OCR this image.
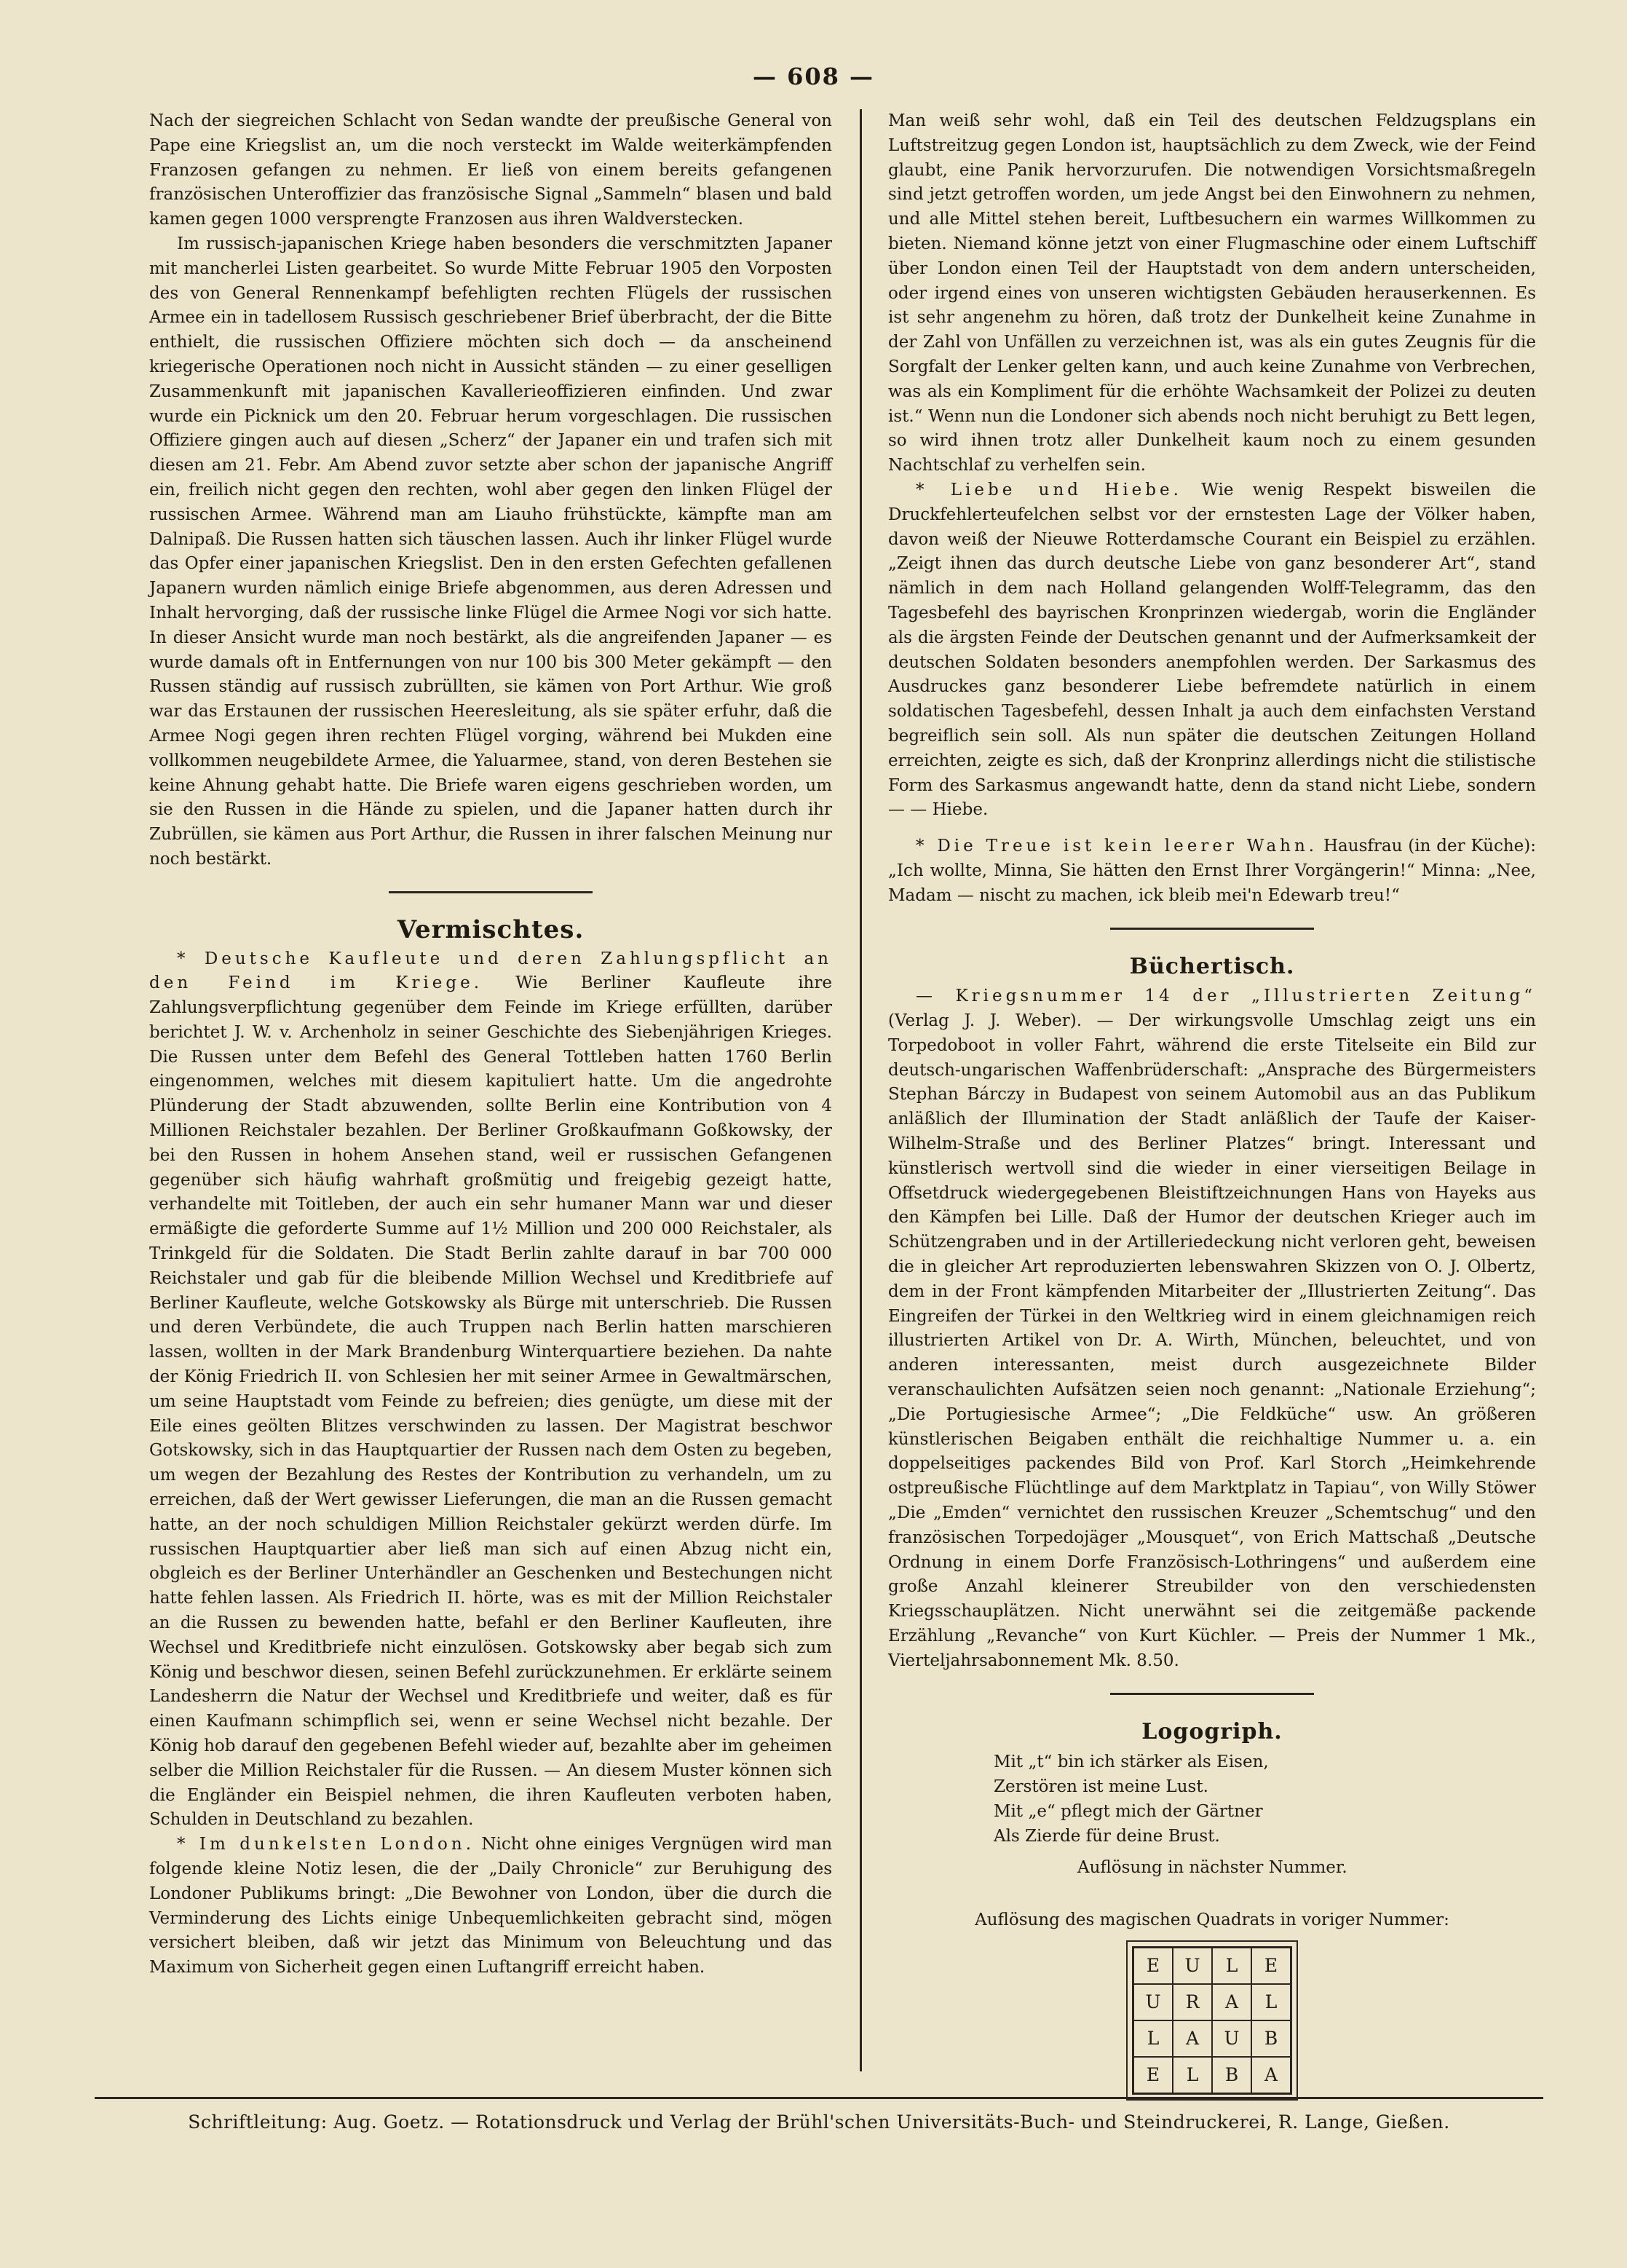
— 608 —

Nach der siegreichen Schlacht von Sedan wandte der preußische General von Pape eine Kriegslist an, um die noch versteckt im Walde weiterkämpfenden Franzosen gefangen zu nehmen. Er ließ von einem bereits gefangenen französischen Unteroffizier das französische Signal „Sammeln“ blasen und bald kamen gegen 1000 versprengte Franzosen aus ihren Waldverstecken.

Im russisch-japanischen Kriege haben besonders die verschmitzten Japaner mit mancherlei Listen gearbeitet. So wurde Mitte Februar 1905 den Vorposten des von General Rennenkampf befehligten rechten Flügels der russischen Armee ein in tadellosem Russisch geschriebener Brief überbracht, der die Bitte enthielt, die russischen Offiziere möchten sich doch — da anscheinend kriegerische Operationen noch nicht in Aussicht ständen — zu einer geselligen Zusammenkunft mit japanischen Kavallerieoffizieren einfinden. Und zwar wurde ein Picknick um den 20. Februar herum vorgeschlagen. Die russischen Offiziere gingen auch auf diesen „Scherz“ der Japaner ein und trafen sich mit diesen am 21. Febr. Am Abend zuvor setzte aber schon der japanische Angriff ein, freilich nicht gegen den rechten, wohl aber gegen den linken Flügel der russischen Armee. Während man am Liauho frühstückte, kämpfte man am Dalnipaß. Die Russen hatten sich täuschen lassen. Auch ihr linker Flügel wurde das Opfer einer japanischen Kriegslist. Den in den ersten Gefechten gefallenen Japanern wurden nämlich einige Briefe abgenommen, aus deren Adressen und Inhalt hervorging, daß der russische linke Flügel die Armee Nogi vor sich hatte. In dieser Ansicht wurde man noch bestärkt, als die angreifenden Japaner — es wurde damals oft in Entfernungen von nur 100 bis 300 Meter gekämpft — den Russen ständig auf russisch zubrüllten, sie kämen von Port Arthur. Wie groß war das Erstaunen der russischen Heeresleitung, als sie später erfuhr, daß die Armee Nogi gegen ihren rechten Flügel vorging, während bei Mukden eine vollkommen neugebildete Armee, die Yaluarmee, stand, von deren Bestehen sie keine Ahnung gehabt hatte. Die Briefe waren eigens geschrieben worden, um sie den Russen in die Hände zu spielen, und die Japaner hatten durch ihr Zubrüllen, sie kämen aus Port Arthur, die Russen in ihrer falschen Meinung nur noch bestärkt.

Vermischtes.

* Deutsche Kaufleute und deren Zahlungspflicht an den Feind im Kriege. Wie Berliner Kaufleute ihre Zahlungsverpflichtung gegenüber dem Feinde im Kriege erfüllten, darüber berichtet J. W. v. Archenholz in seiner Geschichte des Siebenjährigen Krieges. Die Russen unter dem Befehl des General Tottleben hatten 1760 Berlin eingenommen, welches mit diesem kapituliert hatte. Um die angedrohte Plünderung der Stadt abzuwenden, sollte Berlin eine Kontribution von 4 Millionen Reichstaler bezahlen. Der Berliner Großkaufmann Goßkowsky, der bei den Russen in hohem Ansehen stand, weil er russischen Gefangenen gegenüber sich häufig wahrhaft großmütig und freigebig gezeigt hatte, verhandelte mit Toitleben, der auch ein sehr humaner Mann war und dieser ermäßigte die geforderte Summe auf 1½ Million und 200 000 Reichstaler, als Trinkgeld für die Soldaten. Die Stadt Berlin zahlte darauf in bar 700 000 Reichstaler und gab für die bleibende Million Wechsel und Kreditbriefe auf Berliner Kaufleute, welche Gotskowsky als Bürge mit unterschrieb. Die Russen und deren Verbündete, die auch Truppen nach Berlin hatten marschieren lassen, wollten in der Mark Brandenburg Winterquartiere beziehen. Da nahte der König Friedrich II. von Schlesien her mit seiner Armee in Gewaltmärschen, um seine Hauptstadt vom Feinde zu befreien; dies genügte, um diese mit der Eile eines geölten Blitzes verschwinden zu lassen. Der Magistrat beschwor Gotskowsky, sich in das Hauptquartier der Russen nach dem Osten zu begeben, um wegen der Bezahlung des Restes der Kontribution zu verhandeln, um zu erreichen, daß der Wert gewisser Lieferungen, die man an die Russen gemacht hatte, an der noch schuldigen Million Reichstaler gekürzt werden dürfe. Im russischen Hauptquartier aber ließ man sich auf einen Abzug nicht ein, obgleich es der Berliner Unterhändler an Geschenken und Bestechungen nicht hatte fehlen lassen. Als Friedrich II. hörte, was es mit der Million Reichstaler an die Russen zu bewenden hatte, befahl er den Berliner Kaufleuten, ihre Wechsel und Kreditbriefe nicht einzulösen. Gotskowsky aber begab sich zum König und beschwor diesen, seinen Befehl zurückzunehmen. Er erklärte seinem Landesherrn die Natur der Wechsel und Kreditbriefe und weiter, daß es für einen Kaufmann schimpflich sei, wenn er seine Wechsel nicht bezahle. Der König hob darauf den gegebenen Befehl wieder auf, bezahlte aber im geheimen selber die Million Reichstaler für die Russen. — An diesem Muster können sich die Engländer ein Beispiel nehmen, die ihren Kaufleuten verboten haben, Schulden in Deutschland zu bezahlen.

* Im dunkelsten London. Nicht ohne einiges Vergnügen wird man folgende kleine Notiz lesen, die der „Daily Chronicle“ zur Beruhigung des Londoner Publikums bringt: „Die Bewohner von London, über die durch die Verminderung des Lichts einige Unbequemlichkeiten gebracht sind, mögen versichert bleiben, daß wir jetzt das Minimum von Beleuchtung und das Maximum von Sicherheit gegen einen Luftangriff erreicht haben.

Man weiß sehr wohl, daß ein Teil des deutschen Feldzugsplans ein Luftstreitzug gegen London ist, hauptsächlich zu dem Zweck, wie der Feind glaubt, eine Panik hervorzurufen. Die notwendigen Vorsichtsmaßregeln sind jetzt getroffen worden, um jede Angst bei den Einwohnern zu nehmen, und alle Mittel stehen bereit, Luftbesuchern ein warmes Willkommen zu bieten. Niemand könne jetzt von einer Flugmaschine oder einem Luftschiff über London einen Teil der Hauptstadt von dem andern unterscheiden, oder irgend eines von unseren wichtigsten Gebäuden herauserkennen. Es ist sehr angenehm zu hören, daß trotz der Dunkelheit keine Zunahme in der Zahl von Unfällen zu verzeichnen ist, was als ein gutes Zeugnis für die Sorgfalt der Lenker gelten kann, und auch keine Zunahme von Verbrechen, was als ein Kompliment für die erhöhte Wachsamkeit der Polizei zu deuten ist.“ Wenn nun die Londoner sich abends noch nicht beruhigt zu Bett legen, so wird ihnen trotz aller Dunkelheit kaum noch zu einem gesunden Nachtschlaf zu verhelfen sein.

* Liebe und Hiebe. Wie wenig Respekt bisweilen die Druckfehlerteufelchen selbst vor der ernstesten Lage der Völker haben, davon weiß der Nieuwe Rotterdamsche Courant ein Beispiel zu erzählen. „Zeigt ihnen das durch deutsche Liebe von ganz besonderer Art“, stand nämlich in dem nach Holland gelangenden Wolff-Telegramm, das den Tagesbefehl des bayrischen Kronprinzen wiedergab, worin die Engländer als die ärgsten Feinde der Deutschen genannt und der Aufmerksamkeit der deutschen Soldaten besonders anempfohlen werden. Der Sarkasmus des Ausdruckes ganz besonderer Liebe befremdete natürlich in einem soldatischen Tagesbefehl, dessen Inhalt ja auch dem einfachsten Verstand begreiflich sein soll. Als nun später die deutschen Zeitungen Holland erreichten, zeigte es sich, daß der Kronprinz allerdings nicht die stilistische Form des Sarkasmus angewandt hatte, denn da stand nicht Liebe, sondern — — Hiebe.

* Die Treue ist kein leerer Wahn. Hausfrau (in der Küche): „Ich wollte, Minna, Sie hätten den Ernst Ihrer Vorgängerin!“ Minna: „Nee, Madam — nischt zu machen, ick bleib mei'n Edewarb treu!“

Büchertisch.

— Kriegsnummer 14 der „Illustrierten Zeitung“ (Verlag J. J. Weber). — Der wirkungsvolle Umschlag zeigt uns ein Torpedoboot in voller Fahrt, während die erste Titelseite ein Bild zur deutsch-ungarischen Waffenbrüderschaft: „Ansprache des Bürgermeisters Stephan Bárczy in Budapest von seinem Automobil aus an das Publikum anläßlich der Illumination der Stadt anläßlich der Taufe der Kaiser-Wilhelm-Straße und des Berliner Platzes“ bringt. Interessant und künstlerisch wertvoll sind die wieder in einer vierseitigen Beilage in Offsetdruck wiedergegebenen Bleistiftzeichnungen Hans von Hayeks aus den Kämpfen bei Lille. Daß der Humor der deutschen Krieger auch im Schützengraben und in der Artilleriedeckung nicht verloren geht, beweisen die in gleicher Art reproduzierten lebenswahren Skizzen von O. J. Olbertz, dem in der Front kämpfenden Mitarbeiter der „Illustrierten Zeitung“. Das Eingreifen der Türkei in den Weltkrieg wird in einem gleichnamigen reich illustrierten Artikel von Dr. A. Wirth, München, beleuchtet, und von anderen interessanten, meist durch ausgezeichnete Bilder veranschaulichten Aufsätzen seien noch genannt: „Nationale Erziehung“; „Die Portugiesische Armee“; „Die Feldküche“ usw. An größeren künstlerischen Beigaben enthält die reichhaltige Nummer u. a. ein doppelseitiges packendes Bild von Prof. Karl Storch „Heimkehrende ostpreußische Flüchtlinge auf dem Marktplatz in Tapiau“, von Willy Stöwer „Die „Emden“ vernichtet den russischen Kreuzer „Schemtschug“ und den französischen Torpedojäger „Mousquet“, von Erich Mattschaß „Deutsche Ordnung in einem Dorfe Französisch-Lothringens“ und außerdem eine große Anzahl kleinerer Streubilder von den verschiedensten Kriegsschauplätzen. Nicht unerwähnt sei die zeitgemäße packende Erzählung „Revanche“ von Kurt Küchler. — Preis der Nummer 1 Mk., Vierteljahrsabonnement Mk. 8.50.

Logogriph.
Mit „t“ bin ich stärker als Eisen,
Zerstören ist meine Lust.
Mit „e“ pflegt mich der Gärtner
Als Zierde für deine Brust.

Auflösung in nächster Nummer.

Auflösung des magischen Quadrats in voriger Nummer:

E	U	L	E
U	R	A	L
L	A	U	B
E	L	B	A
Schriftleitung: Aug. Goetz. — Rotationsdruck und Verlag der Brühl'schen Universitäts-Buch- und Steindruckerei, R. Lange, Gießen.
